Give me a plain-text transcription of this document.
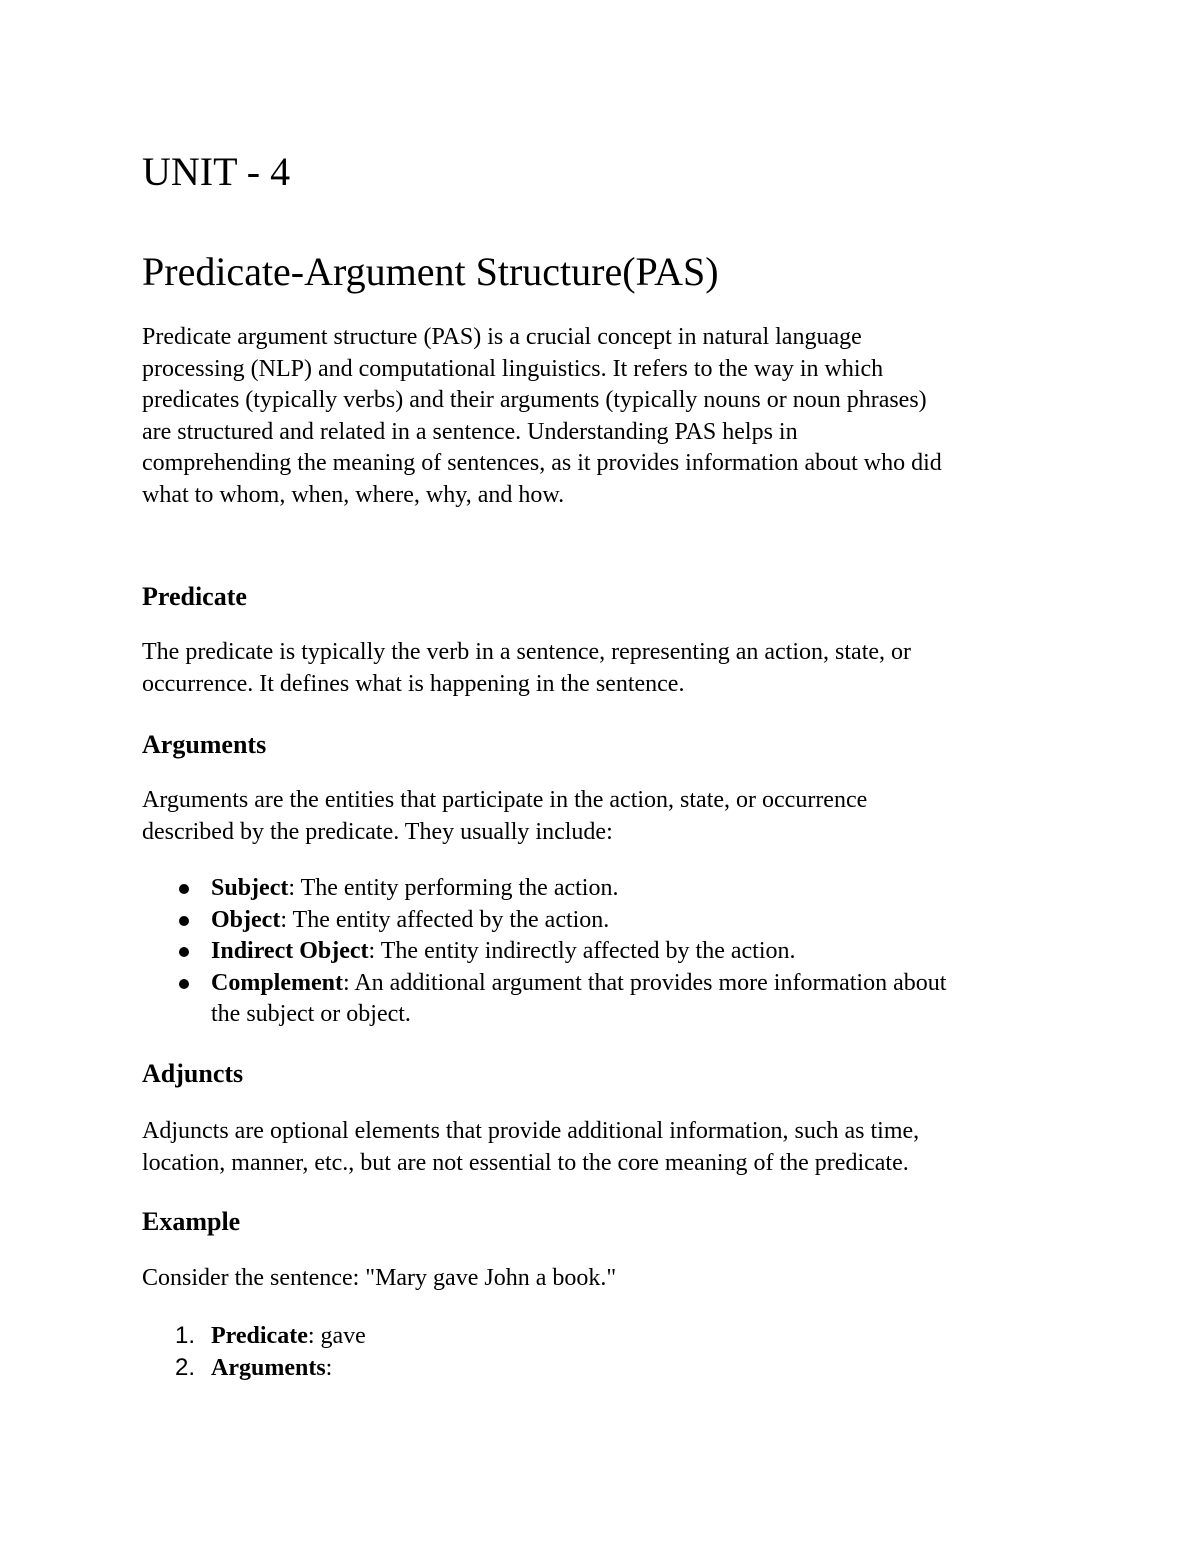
UNIT - 4
Predicate-Argument Structure(PAS)
Predicate argument structure (PAS) is a crucial concept in natural language
processing (NLP) and computational linguistics. It refers to the way in which
predicates (typically verbs) and their arguments (typically nouns or noun phrases)
are structured and related in a sentence. Understanding PAS helps in
comprehending the meaning of sentences, as it provides information about who did
what to whom, when, where, why, and how.
Predicate
The predicate is typically the verb in a sentence, representing an action, state, or
occurrence. It defines what is happening in the sentence.
Arguments
Arguments are the entities that participate in the action, state, or occurrence
described by the predicate. They usually include:
Subject: The entity performing the action.
Object: The entity affected by the action.
Indirect Object: The entity indirectly affected by the action.
Complement: An additional argument that provides more information about
the subject or object.
Adjuncts
Adjuncts are optional elements that provide additional information, such as time,
location, manner, etc., but are not essential to the core meaning of the predicate.
Example
Consider the sentence: "Mary gave John a book."
1. Predicate: gave
2. Arguments:
